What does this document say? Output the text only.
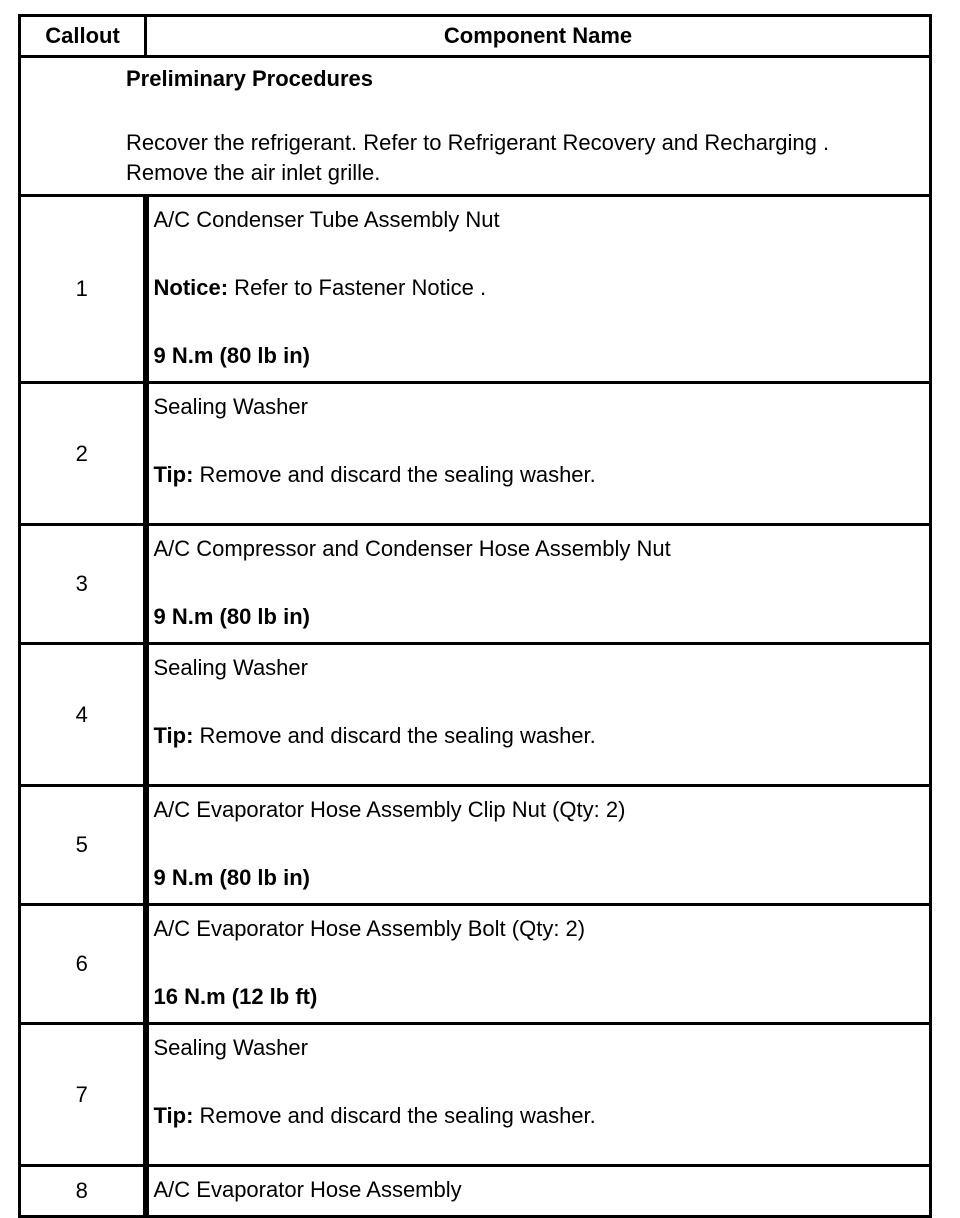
Callout	Component Name

Preliminary Procedures
Recover the refrigerant. Refer to Refrigerant Recovery and Recharging .
Remove the air inlet grille.	

1	A/C Condenser Tube Assembly Nut
Notice: Refer to Fastener Notice .
9 N.m (80 lb in)

2	Sealing Washer
Tip: Remove and discard the sealing washer.

3	A/C Compressor and Condenser Hose Assembly Nut
9 N.m (80 lb in)

4	Sealing Washer
Tip: Remove and discard the sealing washer.

5	A/C Evaporator Hose Assembly Clip Nut (Qty: 2)
9 N.m (80 lb in)

6	A/C Evaporator Hose Assembly Bolt (Qty: 2)
16 N.m (12 lb ft)

7	Sealing Washer
Tip: Remove and discard the sealing washer.

8	A/C Evaporator Hose Assembly
